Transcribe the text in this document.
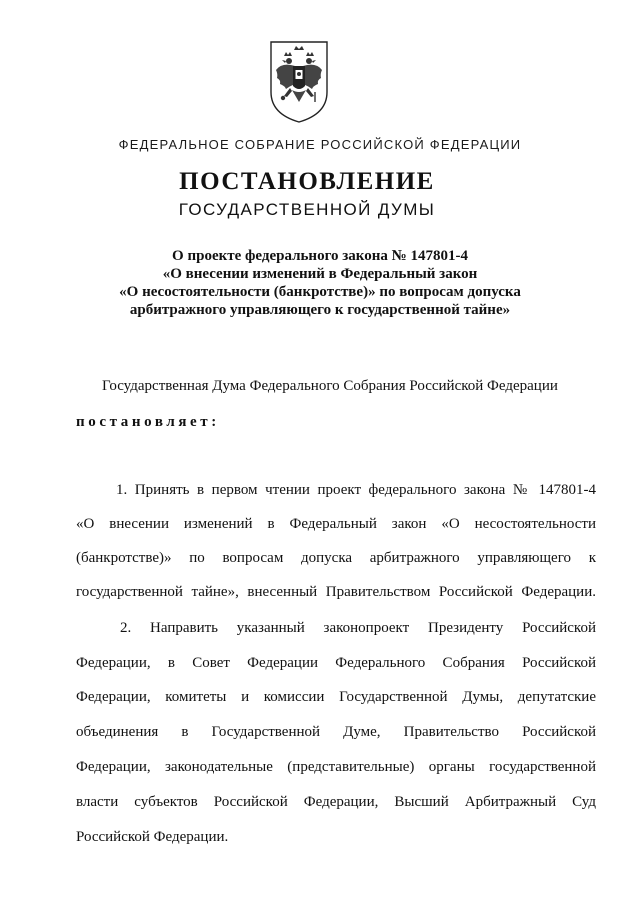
ФЕДЕРАЛЬНОЕ СОБРАНИЕ РОССИЙСКОЙ ФЕДЕРАЦИИ
ПОСТАНОВЛЕНИЕ
ГОСУДАРСТВЕННОЙ ДУМЫ
О проекте федерального закона № 147801-4
«О внесении изменений в Федеральный закон
«О несостоятельности (банкротстве)» по вопросам допуска
арбитражного управляющего к государственной тайне»
Государственная Дума Федерального Собрания Российской Федерации
постановляет:
1. Принять в первом чтении проект федерального закона № 147801-4
«О внесении изменений в Федеральный закон «О несостоятельности
(банкротстве)» по вопросам допуска арбитражного управляющего к
государственной тайне», внесенный Правительством Российской Федерации.
2. Направить указанный законопроект Президенту Российской
Федерации, в Совет Федерации Федерального Собрания Российской
Федерации, комитеты и комиссии Государственной Думы, депутатские
объединения в Государственной Думе, Правительство Российской
Федерации, законодательные (представительные) органы государственной
власти субъектов Российской Федерации, Высший Арбитражный Суд
Российской Федерации.
